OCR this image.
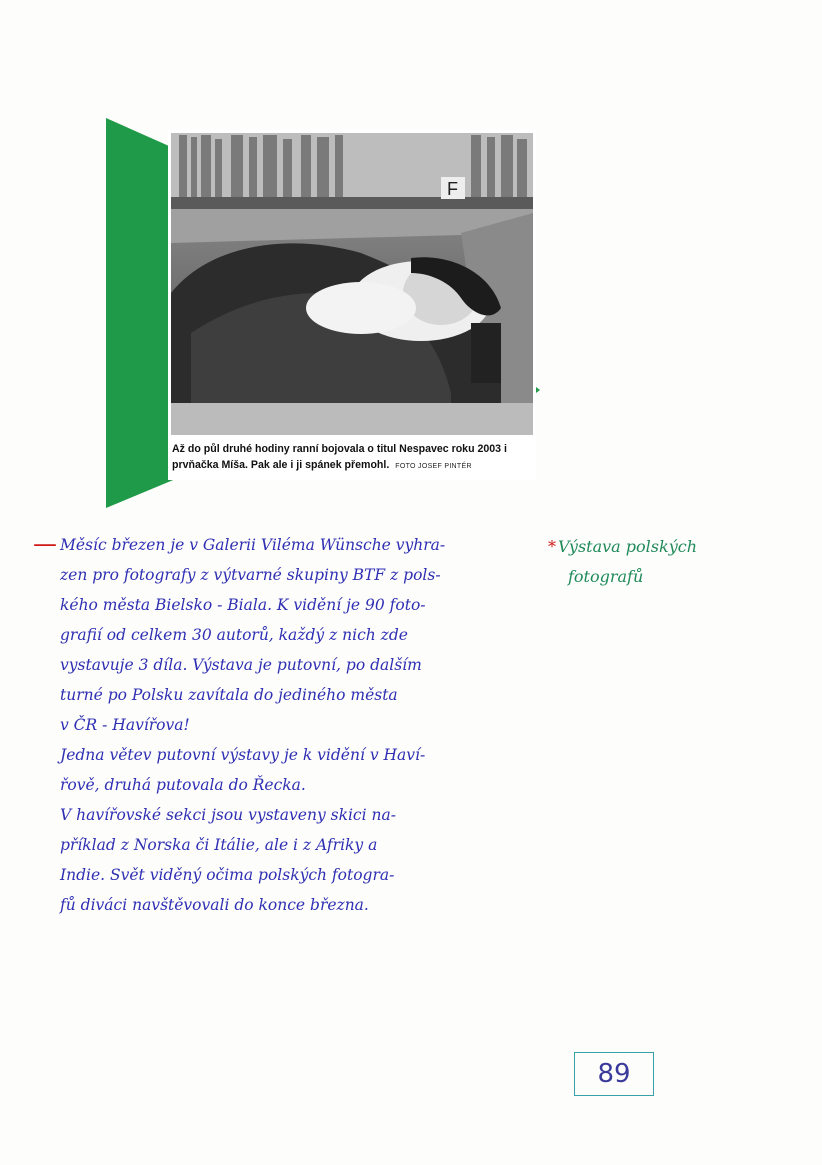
F
Až do půl druhé hodiny ranní bojovala o titul Nespavec roku 2003 i prvňačka Míša. Pak ale i ji spánek přemohl. FOTO JOSEF PINTÉR
— Měsíc březen je v Galerii Viléma Wünsche vyhra-
zen pro fotografy z výtvarné skupiny BTF z pols-
kého města Bielsko - Biala. K vidění je 90 foto-
grafií od celkem 30 autorů, každý z nich zde
vystavuje 3 díla. Výstava je putovní, po dalším
turné po Polsku zavítala do jediného města
v ČR - Havířova!
Jedna větev putovní výstavy je k vidění v Haví-
řově, druhá putovala do Řecka.
V havířovské sekci jsou vystaveny skici na-
příklad z Norska či Itálie, ale i z Afriky a
Indie. Svět viděný očima polských fotogra-
fů diváci navštěvovali do konce března.
* Výstava polských
fotografů
89
